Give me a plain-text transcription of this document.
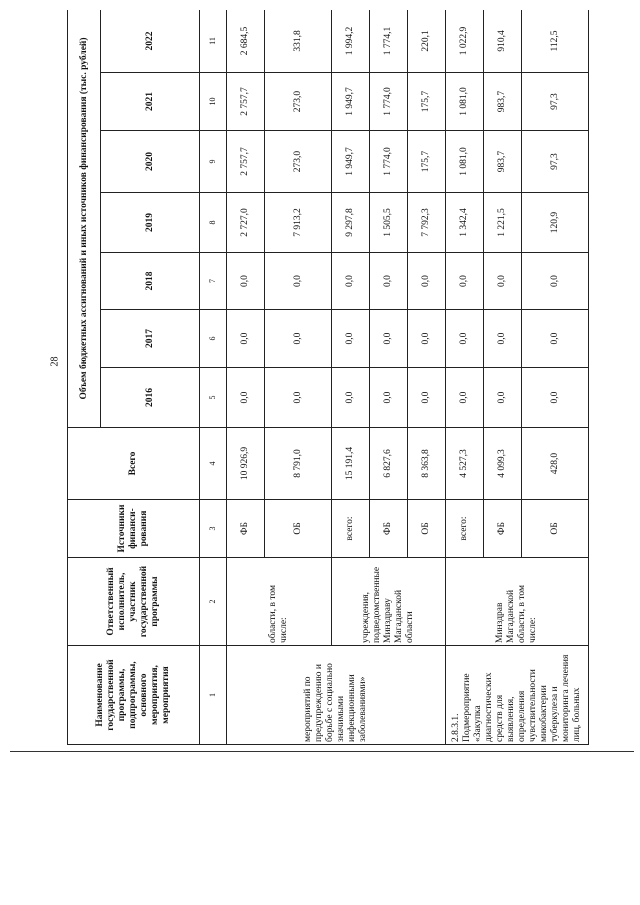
28
Наименование государственной программы, подпрограммы, основного мероприятия, мероприятия	Ответственный исполнитель, участник государственной программы	Источники финанси-рования	Всего	Объем бюджетных ассигнований и иных источников финансирования (тыс. рублей)						
				2016	2017	2018	2019	2020	2021	2022
1	2	3	4	5	6	7	8	9	10	11
мероприятий по предупреждению и борьбе с социально значимыми инфекционными заболеваниями»	области, в том числе:	ФБ	10 926,9	0,0	0,0	0,0	2 727,0	2 757,7	2 757,7	2 684,5
		ОБ	8 791,0	0,0	0,0	0,0	7 913,2	273,0	273,0	331,8
	учреждения, подведомственные Минздраву Магаданской области	всего:	15 191,4	0,0	0,0	0,0	9 297,8	1 949,7	1 949,7	1 994,2
		ФБ	6 827,6	0,0	0,0	0,0	1 505,5	1 774,0	1 774,0	1 774,1
		ОБ	8 363,8	0,0	0,0	0,0	7 792,3	175,7	175,7	220,1
2.8.3.1. Подмероприятие «Закупка диагностических средств для выявления, определения чувствительности микобактерии туберкулеза и мониторинга лечения лиц, больных	Минздрав Магаданской области, в том числе:	всего:	4 527,3	0,0	0,0	0,0	1 342,4	1 081,0	1 081,0	1 022,9
		ФБ	4 099,3	0,0	0,0	0,0	1 221,5	983,7	983,7	910,4
		ОБ	428,0	0,0	0,0	0,0	120,9	97,3	97,3	112,5
